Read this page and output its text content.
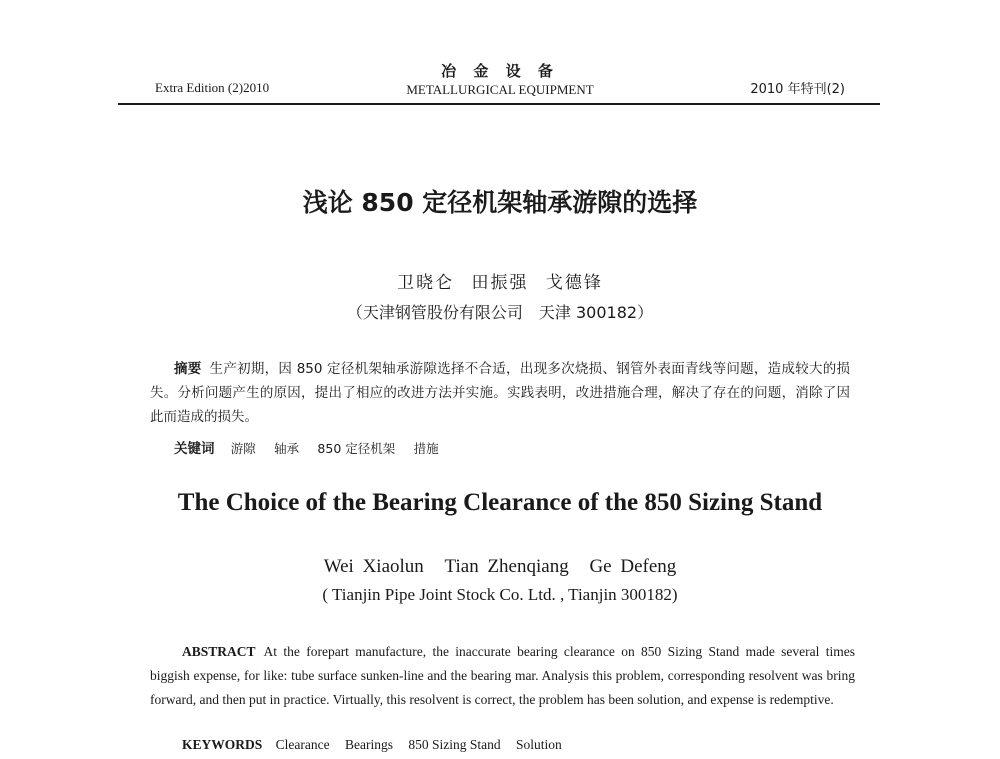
Extra Edition (2)2010
冶 金 设 备
METALLURGICAL EQUIPMENT	2010 年特刊(2)
浅论 850 定径机架轴承游隙的选择
卫晓仑 田振强 戈德锋
（天津钢管股份有限公司　天津 300182）
摘要 生产初期，因 850 定径机架轴承游隙选择不合适，出现多次烧损、钢管外表面青线等问题，造成较大的损失。分析问题产生的原因，提出了相应的改进方法并实施。实践表明，改进措施合理，解决了存在的问题，消除了因此而造成的损失。
关键词 游隙 轴承 850 定径机架 措施
The Choice of the Bearing Clearance of the 850 Sizing Stand
Wei Xiaolun Tian Zhenqiang Ge Defeng
( Tianjin Pipe Joint Stock Co. Ltd. , Tianjin 300182)
ABSTRACT At the forepart manufacture, the inaccurate bearing clearance on 850 Sizing Stand made several times biggish expense, for like: tube surface sunken-line and the bearing mar. Analysis this problem, corresponding resolvent was bring forward, and then put in practice. Virtually, this resolvent is correct, the problem has been solution, and expense is redemptive.
KEYWORDS Clearance Bearings 850 Sizing Stand Solution
